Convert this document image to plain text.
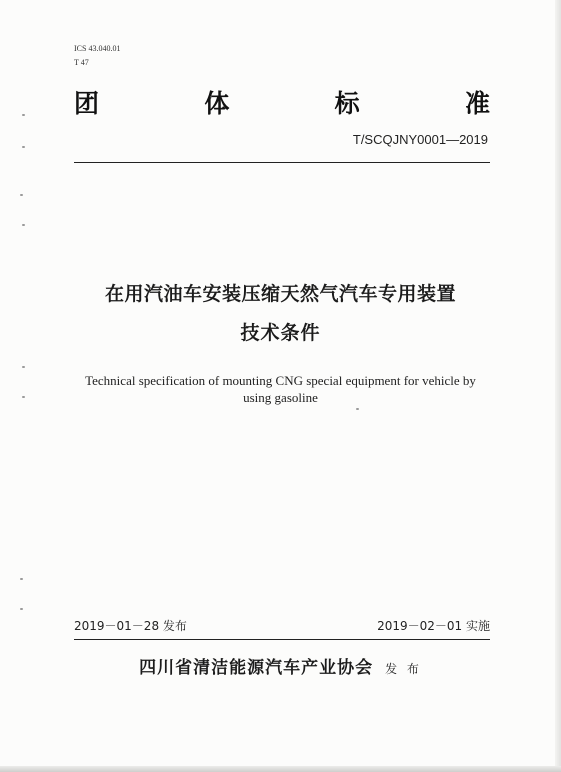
ICS 43.040.01
T 47
团	体	标	准
T/SCQJNY0001—2019
在用汽油车安装压缩天然气汽车专用装置
技术条件
Technical specification of mounting CNG special equipment for vehicle by using gasoline
2019－01－28 发布	2019－02－01 实施
四川省清洁能源汽车产业协会 发 布
